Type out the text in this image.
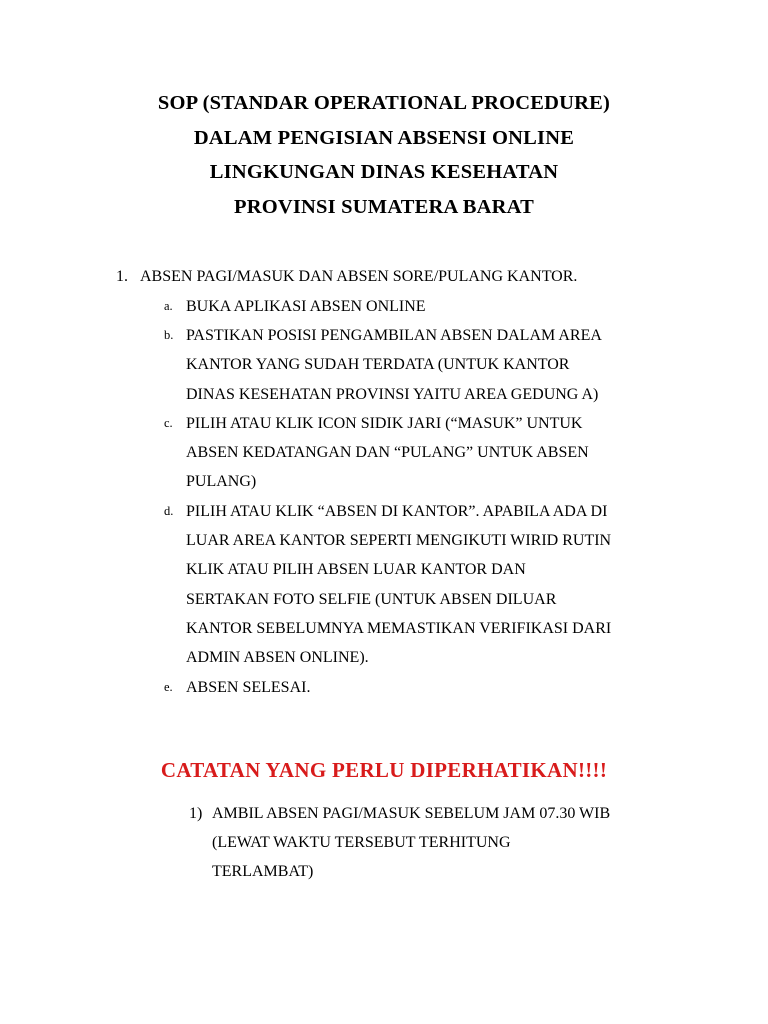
SOP (STANDAR OPERATIONAL PROCEDURE)
DALAM PENGISIAN ABSENSI ONLINE
LINGKUNGAN DINAS KESEHATAN
PROVINSI SUMATERA BARAT
1. ABSEN PAGI/MASUK DAN ABSEN SORE/PULANG KANTOR.
a. BUKA APLIKASI ABSEN ONLINE
b. PASTIKAN POSISI PENGAMBILAN ABSEN DALAM AREA
KANTOR YANG SUDAH TERDATA (UNTUK KANTOR
DINAS KESEHATAN PROVINSI YAITU AREA GEDUNG A)
c. PILIH ATAU KLIK ICON SIDIK JARI (“MASUK” UNTUK
ABSEN KEDATANGAN DAN “PULANG” UNTUK ABSEN
PULANG)
d. PILIH ATAU KLIK “ABSEN DI KANTOR”. APABILA ADA DI
LUAR AREA KANTOR SEPERTI MENGIKUTI WIRID RUTIN
KLIK ATAU PILIH ABSEN LUAR KANTOR DAN
SERTAKAN FOTO SELFIE (UNTUK ABSEN DILUAR
KANTOR SEBELUMNYA MEMASTIKAN VERIFIKASI DARI
ADMIN ABSEN ONLINE).
e. ABSEN SELESAI.
CATATAN YANG PERLU DIPERHATIKAN!!!!
1) AMBIL ABSEN PAGI/MASUK SEBELUM JAM 07.30 WIB
(LEWAT WAKTU TERSEBUT TERHITUNG
TERLAMBAT)
